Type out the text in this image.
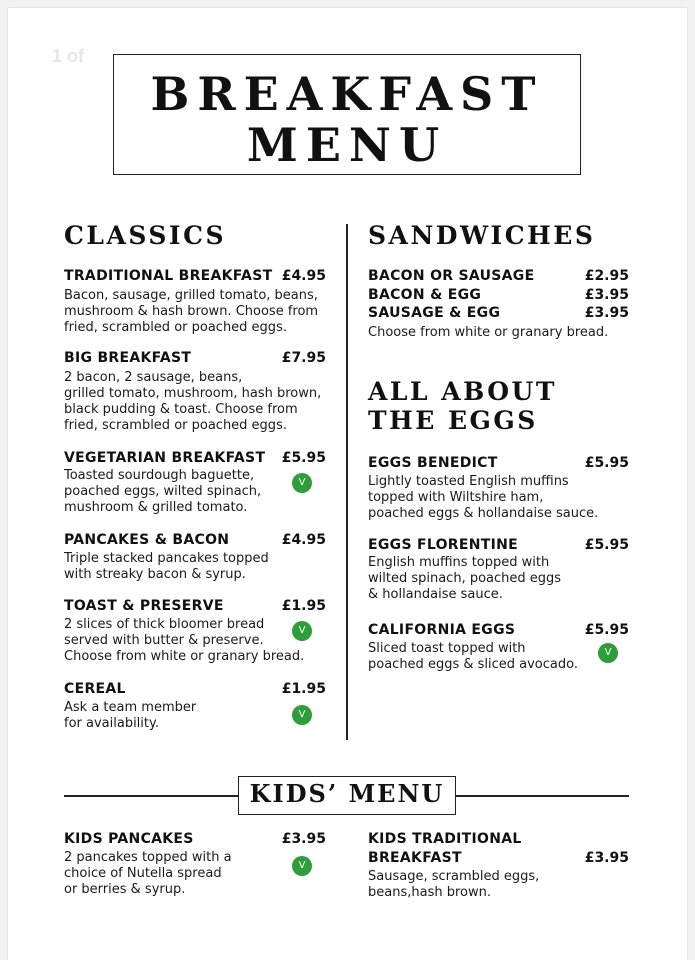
1 of
BREAKFAST
MENU
CLASSICS
TRADITIONAL BREAKFAST £4.95
Bacon, sausage, grilled tomato, beans,
mushroom & hash brown. Choose from
fried, scrambled or poached eggs.
BIG BREAKFAST	£7.95
2 bacon, 2 sausage, beans,
grilled tomato, mushroom, hash brown,
black pudding & toast. Choose from
fried, scrambled or poached eggs.
VEGETARIAN BREAKFAST	£5.95
Toasted sourdough baguette,
poached eggs, wilted spinach,
mushroom & grilled tomato.
V
PANCAKES & BACON	£4.95
Triple stacked pancakes topped
with streaky bacon & syrup.
TOAST & PRESERVE	£1.95
2 slices of thick bloomer bread
served with butter & preserve.
Choose from white or granary bread.
V
CEREAL	£1.95
Ask a team member
for availability.
V
SANDWICHES
BACON OR SAUSAGE	£2.95
BACON & EGG	£3.95
SAUSAGE & EGG	£3.95
Choose from white or granary bread.
ALL ABOUT
THE EGGS
EGGS BENEDICT	£5.95
Lightly toasted English muffins
topped with Wiltshire ham,
poached eggs & hollandaise sauce.
EGGS FLORENTINE	£5.95
English muffins topped with
wilted spinach, poached eggs
& hollandaise sauce.
CALIFORNIA EGGS	£5.95
Sliced toast topped with
poached eggs & sliced avocado.
V
KIDS’ MENU
KIDS PANCAKES	£3.95
2 pancakes topped with a
choice of Nutella spread
or berries & syrup.
V
KIDS TRADITIONAL
BREAKFAST	£3.95
Sausage, scrambled eggs,
beans,hash brown.
